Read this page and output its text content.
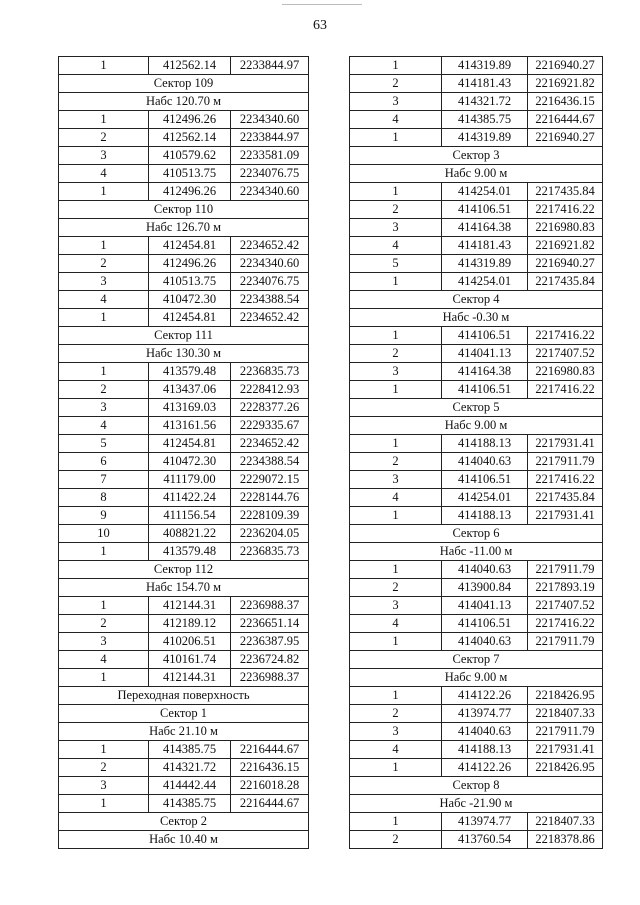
63
1	412562.14	2233844.97
Сектор 109		
Набс 120.70 м		
1	412496.26	2234340.60
2	412562.14	2233844.97
3	410579.62	2233581.09
4	410513.75	2234076.75
1	412496.26	2234340.60
Сектор 110		
Набс 126.70 м		
1	412454.81	2234652.42
2	412496.26	2234340.60
3	410513.75	2234076.75
4	410472.30	2234388.54
1	412454.81	2234652.42
Сектор 111		
Набс 130.30 м		
1	413579.48	2236835.73
2	413437.06	2228412.93
3	413169.03	2228377.26
4	413161.56	2229335.67
5	412454.81	2234652.42
6	410472.30	2234388.54
7	411179.00	2229072.15
8	411422.24	2228144.76
9	411156.54	2228109.39
10	408821.22	2236204.05
1	413579.48	2236835.73
Сектор 112		
Набс 154.70 м		
1	412144.31	2236988.37
2	412189.12	2236651.14
3	410206.51	2236387.95
4	410161.74	2236724.82
1	412144.31	2236988.37
Переходная поверхность		
Сектор 1		
Набс 21.10 м		
1	414385.75	2216444.67
2	414321.72	2216436.15
3	414442.44	2216018.28
1	414385.75	2216444.67
Сектор 2		
Набс 10.40 м		
1	414319.89	2216940.27
2	414181.43	2216921.82
3	414321.72	2216436.15
4	414385.75	2216444.67
1	414319.89	2216940.27
Сектор 3		
Набс 9.00 м		
1	414254.01	2217435.84
2	414106.51	2217416.22
3	414164.38	2216980.83
4	414181.43	2216921.82
5	414319.89	2216940.27
1	414254.01	2217435.84
Сектор 4		
Набс -0.30 м		
1	414106.51	2217416.22
2	414041.13	2217407.52
3	414164.38	2216980.83
1	414106.51	2217416.22
Сектор 5		
Набс 9.00 м		
1	414188.13	2217931.41
2	414040.63	2217911.79
3	414106.51	2217416.22
4	414254.01	2217435.84
1	414188.13	2217931.41
Сектор 6		
Набс -11.00 м		
1	414040.63	2217911.79
2	413900.84	2217893.19
3	414041.13	2217407.52
4	414106.51	2217416.22
1	414040.63	2217911.79
Сектор 7		
Набс 9.00 м		
1	414122.26	2218426.95
2	413974.77	2218407.33
3	414040.63	2217911.79
4	414188.13	2217931.41
1	414122.26	2218426.95
Сектор 8		
Набс -21.90 м		
1	413974.77	2218407.33
2	413760.54	2218378.86
